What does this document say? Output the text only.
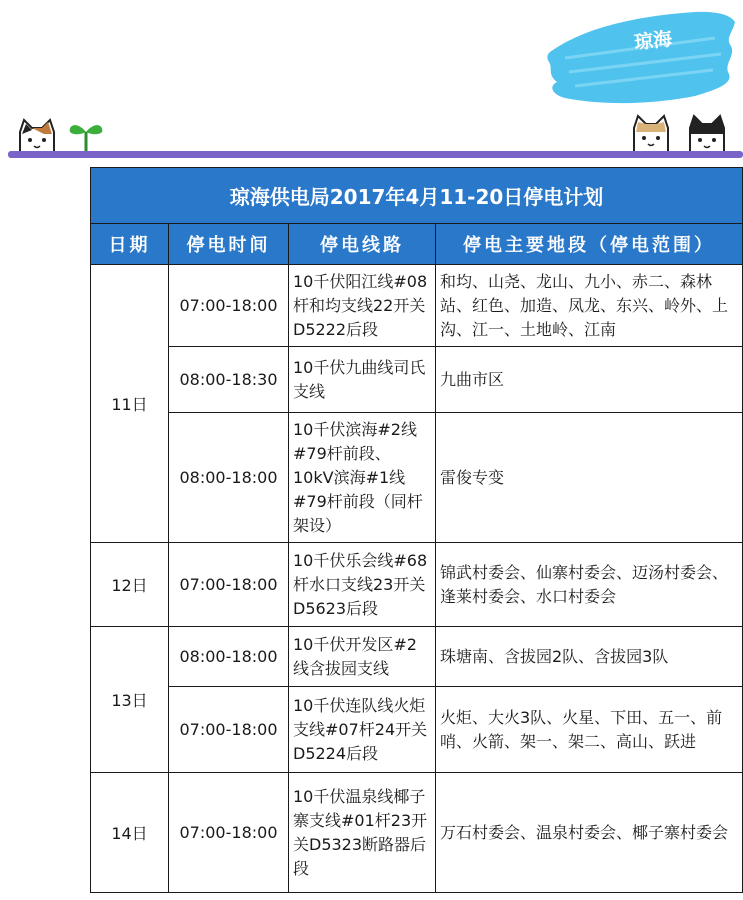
琼海
琼海供电局2017年4月11-20日停电计划			
日期	停电时间	停电线路	停电主要地段（停电范围）
11日	07:00-18:00	10千伏阳江线#08杆和均支线22开关D5222后段	和均、山尧、龙山、九小、赤二、森林站、红色、加造、凤龙、东兴、岭外、上沟、江一、土地岭、江南
	08:00-18:30	10千伏九曲线司氏支线	九曲市区
	08:00-18:00	10千伏滨海#2线#79杆前段、10kV滨海#1线#79杆前段（同杆架设）	雷俊专变
12日	07:00-18:00	10千伏乐会线#68杆水口支线23开关D5623后段	锦武村委会、仙寨村委会、迈汤村委会、逢莱村委会、水口村委会
13日	08:00-18:00	10千伏开发区#2线含拔园支线	珠塘南、含拔园2队、含拔园3队
	07:00-18:00	10千伏连队线火炬支线#07杆24开关D5224后段	火炬、大火3队、火星、下田、五一、前哨、火箭、架一、架二、高山、跃进
14日	07:00-18:00	10千伏温泉线椰子寨支线#01杆23开关D5323断路器后段	万石村委会、温泉村委会、椰子寨村委会
